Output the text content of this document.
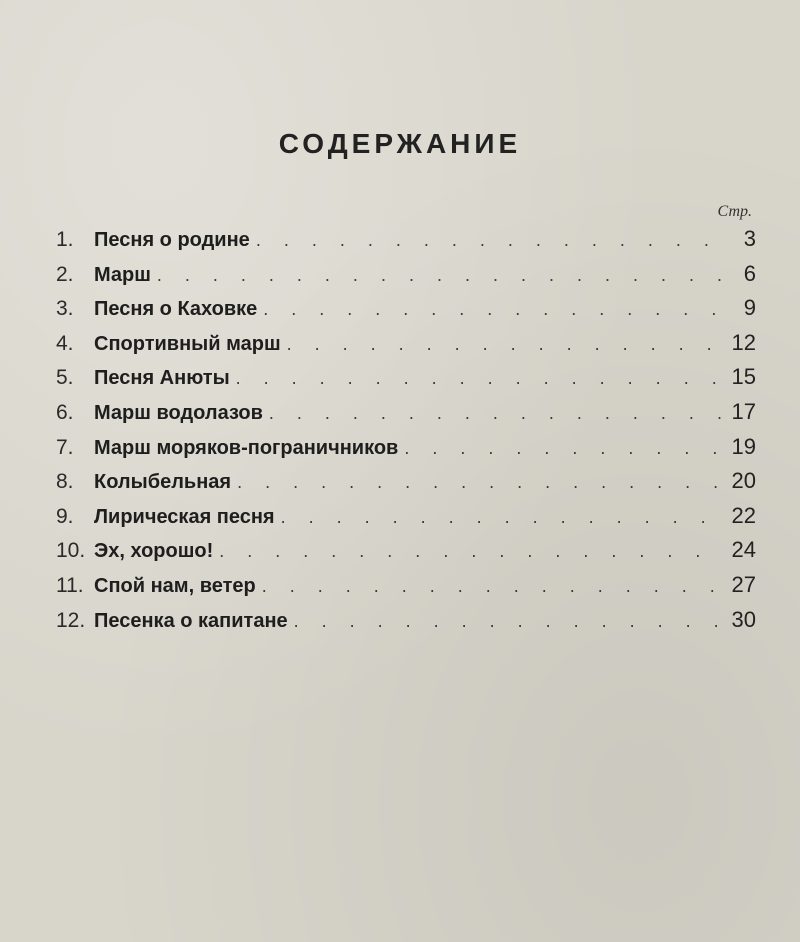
СОДЕРЖАНИЕ
Стр.
1.	Песня о родине . . .	3
2.	Марш . . .	6
3.	Песня о Каховке . . .	9
4.	Спортивный марш . . .	12
5.	Песня Анюты . . .	15
6.	Марш водолазов . . .	17
7.	Марш моряков-пограничников . . .	19
8.	Колыбельная . . .	20
9.	Лирическая песня . . .	22
10. Эх, хорошо! . . .	24
11. Спой нам, ветер . . .	27
12. Песенка о капитане . . .	30
